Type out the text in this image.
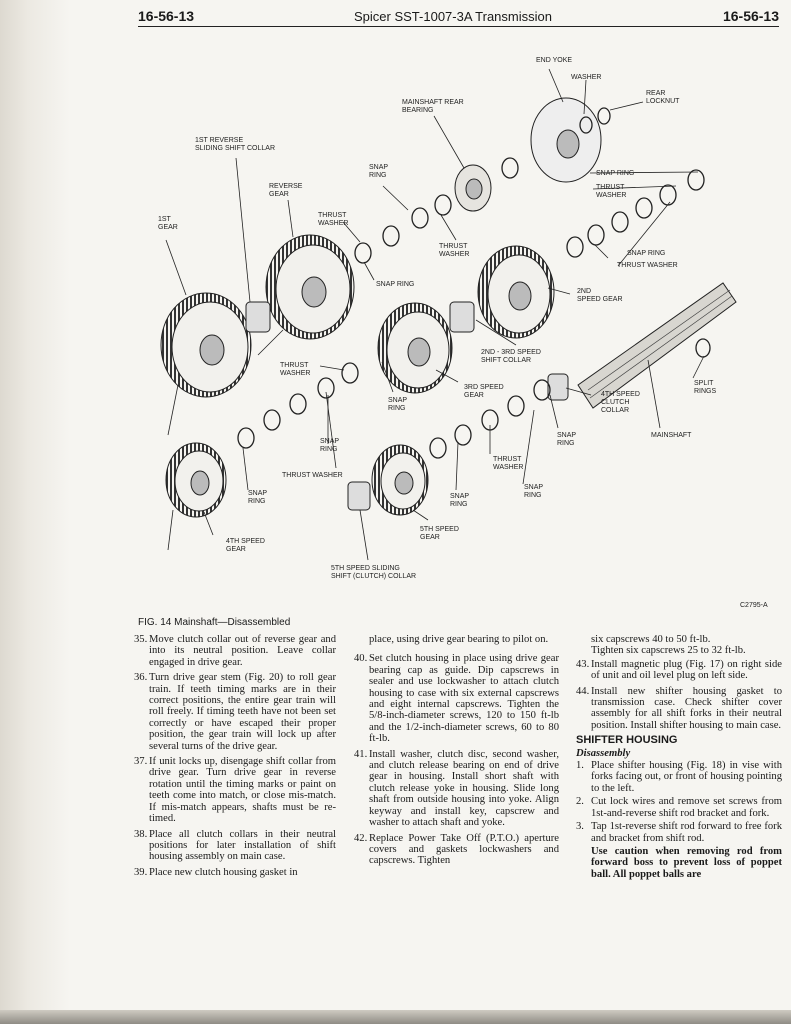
16-56-13	Spicer SST-1007-3A Transmission	16-56-13
END YOKE
WASHER
REAR
LOCKNUT
MAINSHAFT REAR
BEARING
1ST REVERSE
SLIDING SHIFT COLLAR
SNAP
RING
REVERSE
GEAR
SNAP RING
THRUST
WASHER
1ST
GEAR
THRUST
WASHER
THRUST
WASHER	SNAP RING
THRUST WASHER
SNAP RING
2ND
SPEED GEAR
2ND - 3RD SPEED
SHIFT COLLAR
THRUST
WASHER
3RD SPEED
GEAR
SNAP
RING
4TH SPEED
CLUTCH
COLLAR
SPLIT
RINGS
SNAP
RING
MAINSHAFT
SNAP
RING
THRUST WASHER
SNAP
RING
THRUST
WASHER
SNAP
RING
SNAP
RING
5TH SPEED
GEAR
4TH SPEED
GEAR
5TH SPEED SLIDING
SHIFT (CLUTCH) COLLAR
C2795-A
FIG. 14 Mainshaft—Disassembled
35. Move clutch collar out of reverse gear and into its neutral position. Leave collar engaged in drive gear.
36. Turn drive gear stem (Fig. 20) to roll gear train. If teeth timing marks are in their correct positions, the entire gear train will roll freely. If timing teeth have not been set correctly or have escaped their proper position, the gear train will lock up after several turns of the drive gear.
37. If unit locks up, disengage shift collar from drive gear. Turn drive gear in reverse rotation until the timing marks or paint on teeth come into match, or close mis-match. If mis-match appears, shafts must be re-timed.
38. Place all clutch collars in their neutral positions for later installation of shift housing assembly on main case.
39. Place new clutch housing gasket in
place, using drive gear bearing to pilot on.
40. Set clutch housing in place using drive gear bearing cap as guide. Dip capscrews in sealer and use lockwasher to attach clutch housing to case with six external capscrews and eight internal capscrews. Tighten the 5/8-inch-diameter screws, 120 to 150 ft-lb and the 1/2-inch-diameter screws, 60 to 80 ft-lb.
41. Install washer, clutch disc, second washer, and clutch release bearing on end of drive gear in housing. Install short shaft with clutch release yoke in housing. Slide long shaft from outside housing into yoke. Align keyway and install key, capscrew and washer to attach shaft and yoke.
42. Replace Power Take Off (P.T.O.) aperture covers and gaskets lockwashers and capscrews. Tighten
six capscrews 40 to 50 ft-lb.
Tighten six capscrews 25 to 32 ft-lb.
43. Install magnetic plug (Fig. 17) on right side of unit and oil level plug on left side.
44. Install new shifter housing gasket to transmission case. Check shifter cover assembly for all shift forks in their neutral position. Install shifter housing to main case.
SHIFTER HOUSING
Disassembly
1. Place shifter housing (Fig. 18) in vise with forks facing out, or front of housing pointing to the left.
2. Cut lock wires and remove set screws from 1st-and-reverse shift rod bracket and fork.
3. Tap 1st-reverse shift rod forward to free fork and bracket from shift rod.
Use caution when removing rod from forward boss to prevent loss of poppet ball. All poppet balls are
